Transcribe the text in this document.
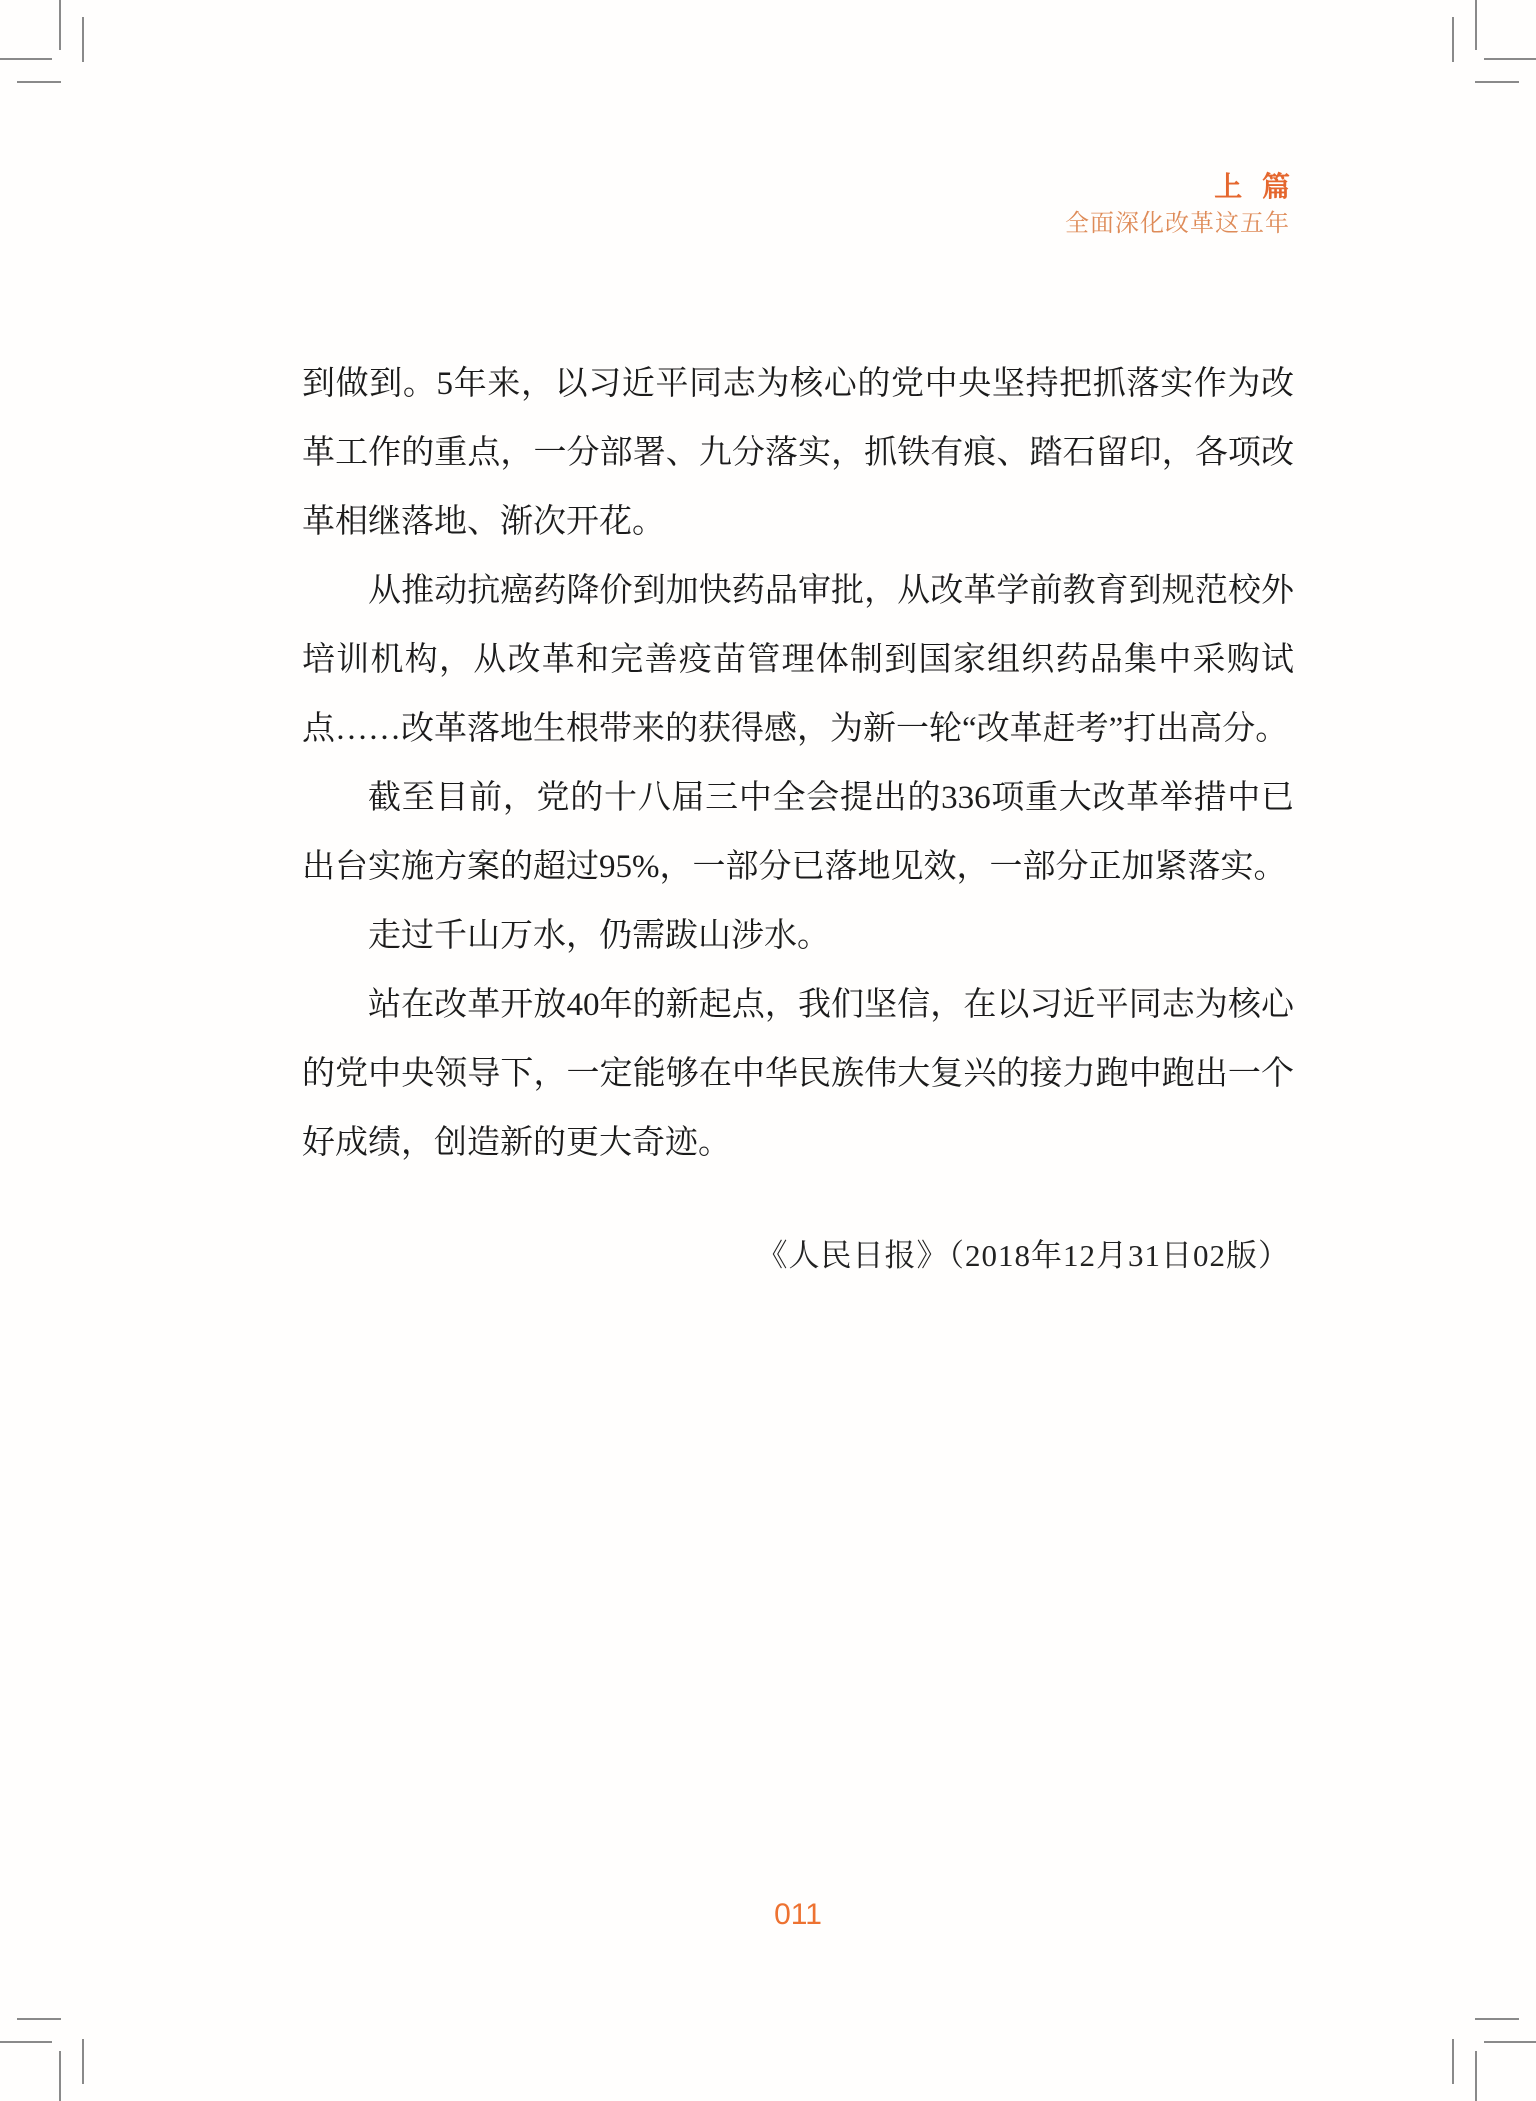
上 篇
全面深化改革这五年

到做到。5年来，以习近平同志为核心的党中央坚持把抓落实作为改革工作的重点，一分部署、九分落实，抓铁有痕、踏石留印，各项改革相继落地、渐次开花。

从推动抗癌药降价到加快药品审批，从改革学前教育到规范校外培训机构，从改革和完善疫苗管理体制到国家组织药品集中采购试点……改革落地生根带来的获得感，为新一轮“改革赶考”打出高分。

截至目前，党的十八届三中全会提出的336项重大改革举措中已出台实施方案的超过95%，一部分已落地见效，一部分正加紧落实。

走过千山万水，仍需跋山涉水。

站在改革开放40年的新起点，我们坚信，在以习近平同志为核心的党中央领导下，一定能够在中华民族伟大复兴的接力跑中跑出一个好成绩，创造新的更大奇迹。

《人民日报》（2018年12月31日02版）
011
